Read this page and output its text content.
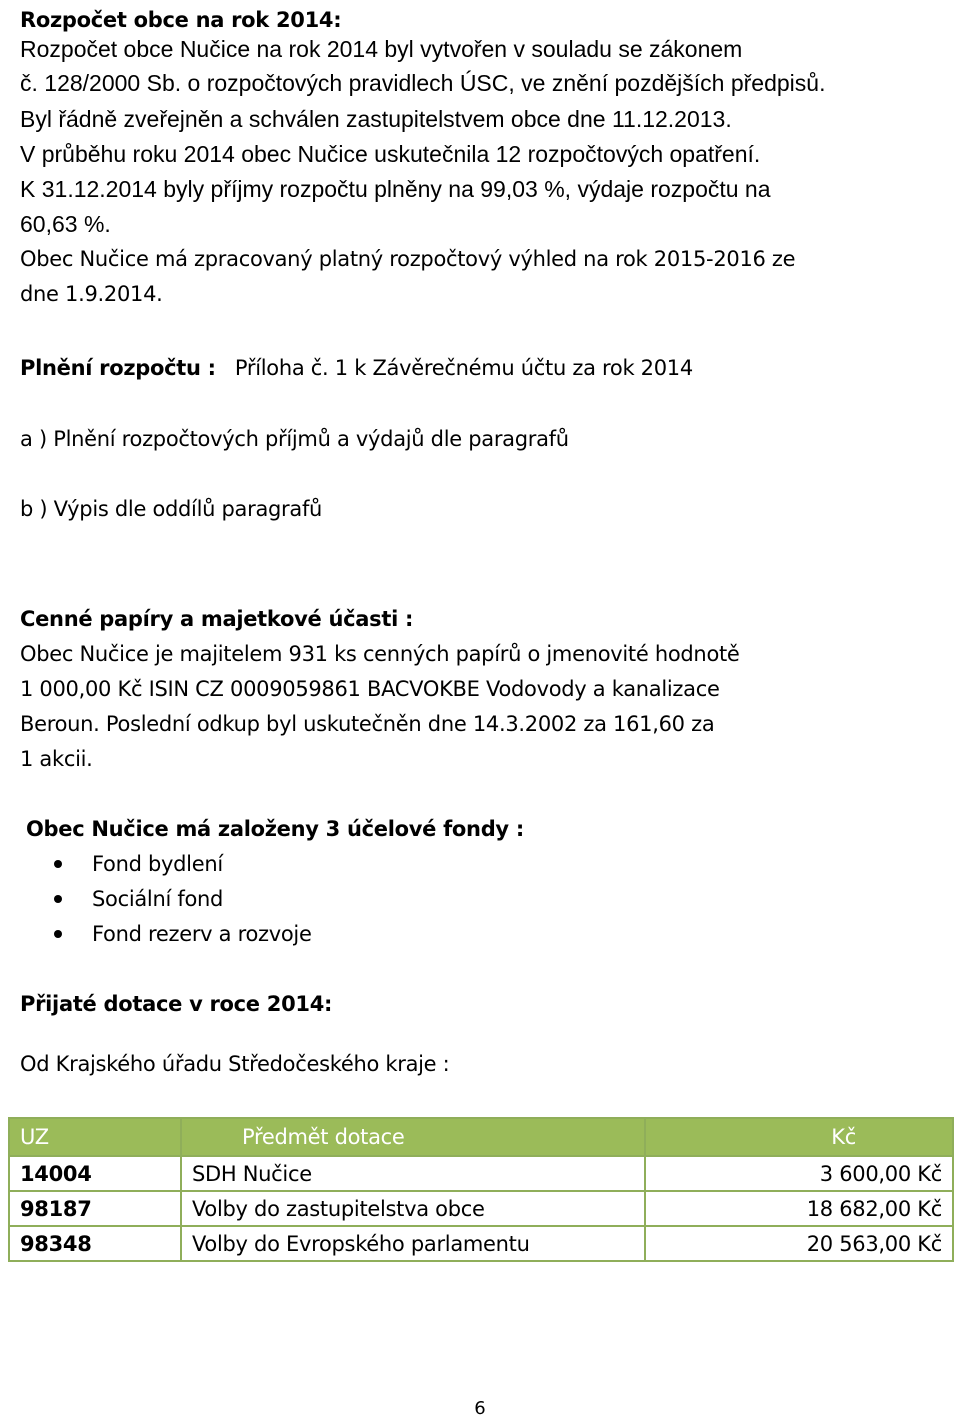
Rozpočet obce na rok 2014:
Rozpočet obce Nučice na rok 2014 byl vytvořen v souladu se zákonem
č. 128/2000 Sb. o rozpočtových pravidlech ÚSC, ve znění pozdějších předpisů.
Byl řádně zveřejněn a schválen zastupitelstvem obce dne 11.12.2013.
V průběhu roku 2014 obec Nučice uskutečnila 12 rozpočtových opatření.
K 31.12.2014 byly příjmy rozpočtu plněny na 99,03 %, výdaje rozpočtu na
60,63 %.
Obec Nučice má zpracovaný platný rozpočtový výhled na rok 2015-2016 ze
dne 1.9.2014.
Plnění rozpočtu : Příloha č. 1 k Závěrečnému účtu za rok 2014
a ) Plnění rozpočtových příjmů a výdajů dle paragrafů
b ) Výpis dle oddílů paragrafů
Cenné papíry a majetkové účasti :
Obec Nučice je majitelem 931 ks cenných papírů o jmenovité hodnotě
1 000,00 Kč ISIN CZ 0009059861 BACVOKBE Vodovody a kanalizace
Beroun. Poslední odkup byl uskutečněn dne 14.3.2002 za 161,60 za
1 akcii.
Obec Nučice má založeny 3 účelové fondy :
Fond bydlení
Sociální fond
Fond rezerv a rozvoje
Přijaté dotace v roce 2014:
Od Krajského úřadu Středočeského kraje :
UZ	Předmět dotace	Kč
14004	SDH Nučice	3 600,00 Kč
98187	Volby do zastupitelstva obce	18 682,00 Kč
98348	Volby do Evropského parlamentu	20 563,00 Kč
6
